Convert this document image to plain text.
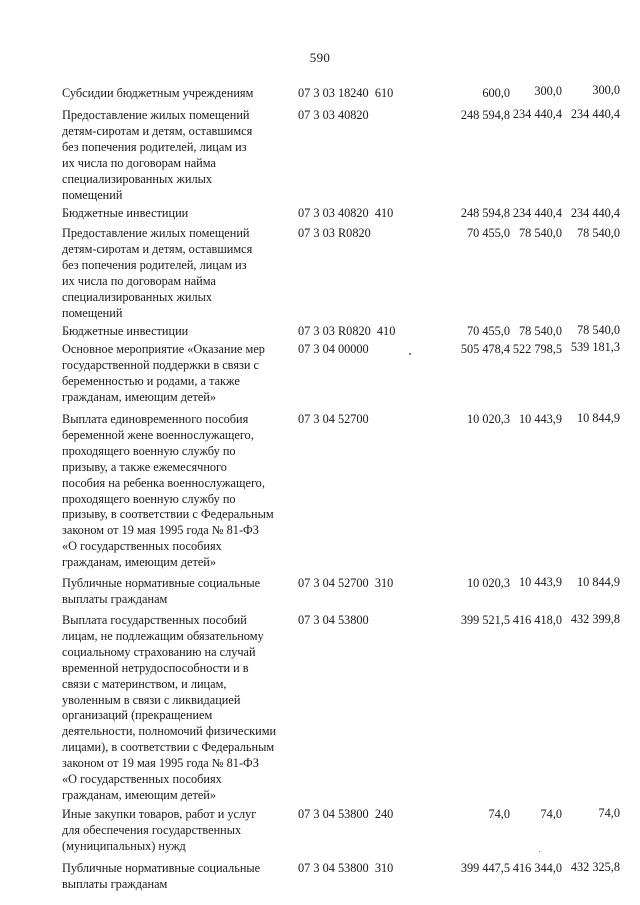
590
Субсидии бюджетным учреждениям	07 3 03 18240  610	600,0 300,0 300,0
Предоставление жилых помещений
детям-сиротам и детям, оставшимся
без попечения родителей, лицам из
их числа по договорам найма
специализированных жилых
помещений
07 3 03 40820	248 594,8 234 440,4 234 440,4
Бюджетные инвестиции	07 3 03 40820  410	248 594,8 234 440,4 234 440,4
Предоставление жилых помещений
детям-сиротам и детям, оставшимся
без попечения родителей, лицам из
их числа по договорам найма
специализированных жилых
помещений
07 3 03 R0820	70 455,0 78 540,0 78 540,0
Бюджетные инвестиции	07 3 03 R0820  410	70 455,0 78 540,0 78 540,0
Основное мероприятие «Оказание мер
государственной поддержки в связи с
беременностью и родами, а также
гражданам, имеющим детей»
07 3 04 00000	505 478,4 522 798,5 539 181,3
Выплата единовременного пособия
беременной жене военнослужащего,
проходящего военную службу по
призыву, а также ежемесячного
пособия на ребенка военнослужащего,
проходящего военную службу по
призыву, в соответствии с Федеральным
законом от 19 мая 1995 года № 81-ФЗ
«О государственных пособиях
гражданам, имеющим детей»
07 3 04 52700	10 020,3 10 443,9 10 844,9
Публичные нормативные социальные
выплаты гражданам
07 3 04 52700  310	10 020,3 10 443,9 10 844,9
Выплата государственных пособий
лицам, не подлежащим обязательному
социальному страхованию на случай
временной нетрудоспособности и в
связи с материнством, и лицам,
уволенным в связи с ликвидацией
организаций (прекращением
деятельности, полномочий физическими
лицами), в соответствии с Федеральным
законом от 19 мая 1995 года № 81-ФЗ
«О государственных пособиях
гражданам, имеющим детей»
07 3 04 53800	399 521,5 416 418,0 432 399,8
Иные закупки товаров, работ и услуг
для обеспечения государственных
(муниципальных) нужд
07 3 04 53800  240	74,0 74,0	74,0
Публичные нормативные социальные
выплаты гражданам
07 3 04 53800  310	399 447,5 416 344,0 432 325,8
